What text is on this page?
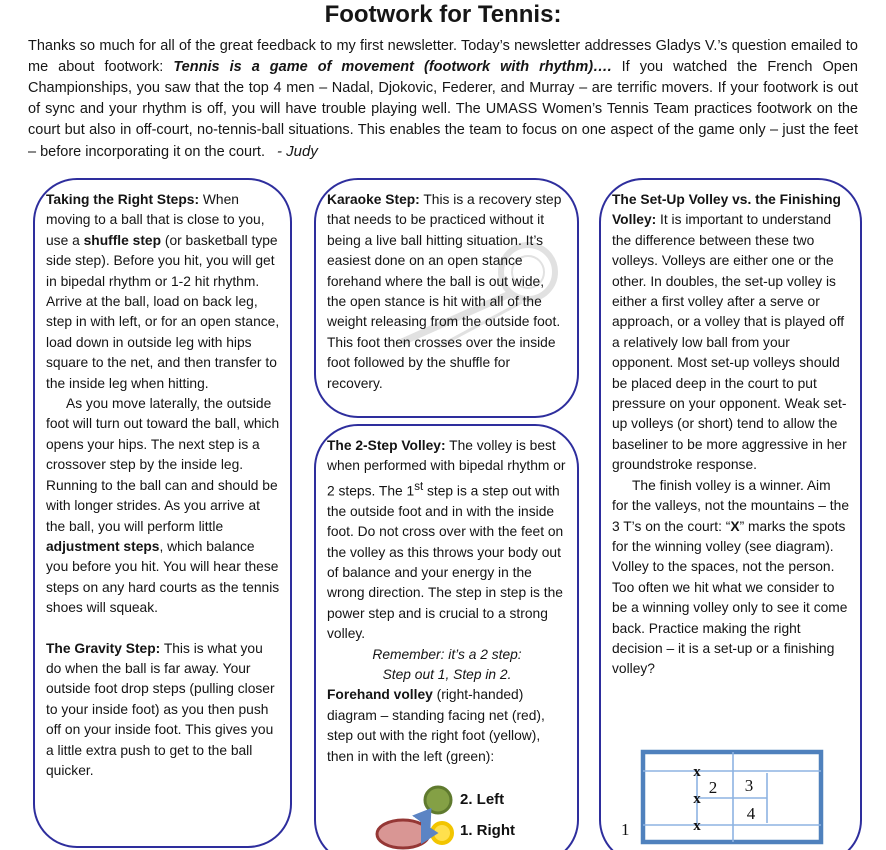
Footwork for Tennis:
Thanks so much for all of the great feedback to my first newsletter. Today’s newsletter addresses Gladys V.’s question emailed to me about footwork: Tennis is a game of movement (footwork with rhythm)…. If you watched the French Open Championships, you saw that the top 4 men – Nadal, Djokovic, Federer, and Murray – are terrific movers. If your footwork is out of sync and your rhythm is off, you will have trouble playing well. The UMASS Women’s Tennis Team practices footwork on the court but also in off-court, no-tennis-ball situations. This enables the team to focus on one aspect of the game only – just the feet – before incorporating it on the court. - Judy

Taking the Right Steps: When moving to a ball that is close to you, use a shuffle step (or basketball type side step). Before you hit, you will get in bipedal rhythm or 1-2 hit rhythm. Arrive at the ball, load on back leg, step in with left, or for an open stance, load down in outside leg with hips square to the net, and then transfer to the inside leg when hitting.

As you move laterally, the outside foot will turn out toward the ball, which opens your hips. The next step is a crossover step by the inside leg. Running to the ball can and should be with longer strides. As you arrive at the ball, you will perform little adjustment steps, which balance you before you hit. You will hear these steps on any hard courts as the tennis shoes will squeak.

The Gravity Step: This is what you do when the ball is far away. Your outside foot drop steps (pulling closer to your inside foot) as you then push off on your inside foot. This gives you a little extra push to get to the ball quicker.

Karaoke Step: This is a recovery step that needs to be practiced without it being a live ball hitting situation. It’s easiest done on an open stance forehand where the ball is out wide, the open stance is hit with all of the weight releasing from the outside foot. This foot then crosses over the inside foot followed by the shuffle for recovery.

The 2-Step Volley: The volley is best when performed with bipedal rhythm or 2 steps. The 1st step is a step out with the outside foot and in with the inside foot. Do not cross over with the feet on the volley as this throws your body out of balance and your energy in the wrong direction. The step in step is the power step and is crucial to a strong volley.

Remember: it’s a 2 step:

Step out 1, Step in 2.

Forehand volley (right-handed) diagram – standing facing net (red), step out with the right foot (yellow), then in with the left (green):

2. Left
1. Right

The Set-Up Volley vs. the Finishing Volley: It is important to understand the difference between these two volleys. Volleys are either one or the other. In doubles, the set-up volley is either a first volley after a serve or approach, or a volley that is played off a relatively low ball from your opponent. Most set-up volleys should be placed deep in the court to put pressure on your opponent. Weak set-up volleys (or short) tend to allow the baseliner to be more aggressive in her groundstroke response.

The finish volley is a winner. Aim for the valleys, not the mountains – the 3 T’s on the court: “X” marks the spots for the winning volley (see diagram). Volley to the spaces, not the person. Too often we hit what we consider to be a winning volley only to see it come back. Practice making the right decision – it is a set-up or a finishing volley?

1
x
x
x
2 3
4
